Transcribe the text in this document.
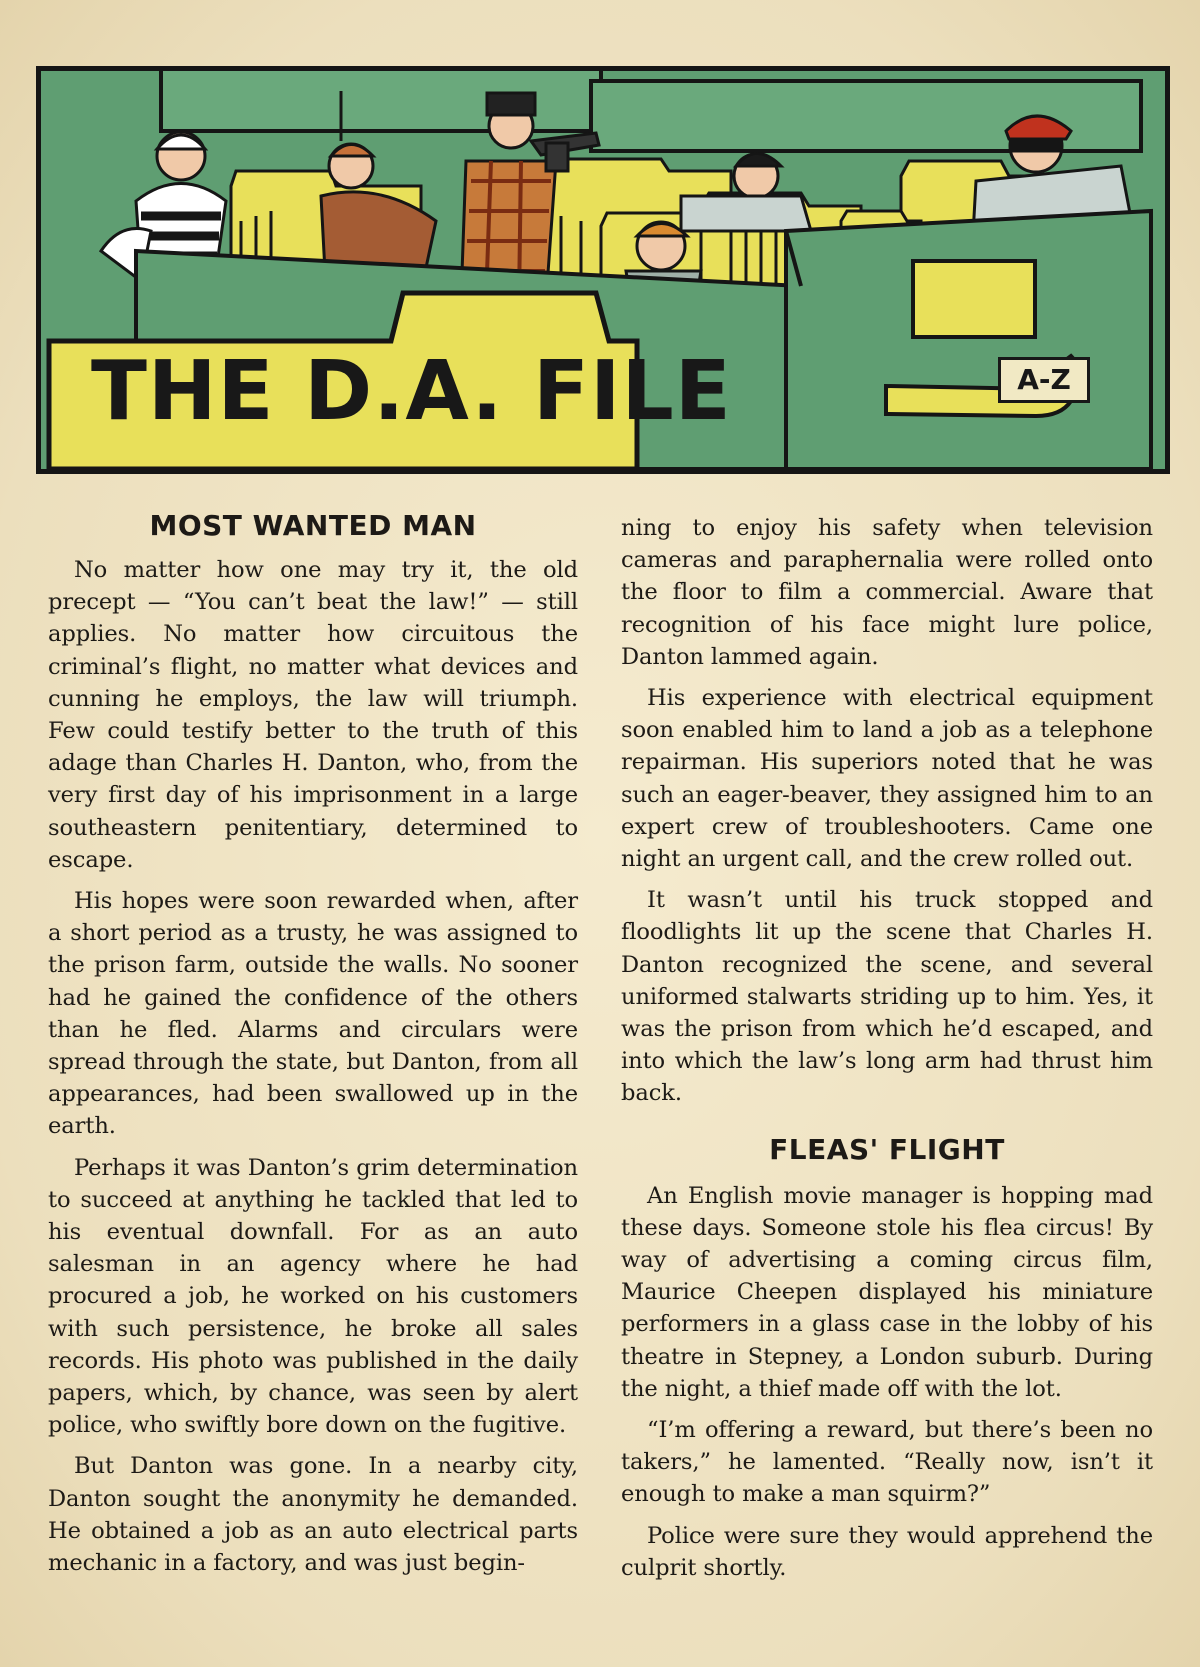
THE D.A. FILE	A-Z
MOST WANTED MAN

No matter how one may try it, the old precept — “You can’t beat the law!” — still applies. No matter how circuitous the criminal’s flight, no matter what devices and cunning he employs, the law will triumph. Few could testify better to the truth of this adage than Charles H. Danton, who, from the very first day of his imprisonment in a large southeastern penitentiary, determined to escape.

His hopes were soon rewarded when, after a short period as a trusty, he was assigned to the prison farm, outside the walls. No sooner had he gained the confidence of the others than he fled. Alarms and circulars were spread through the state, but Danton, from all appearances, had been swallowed up in the earth.

Perhaps it was Danton’s grim determination to succeed at anything he tackled that led to his eventual downfall. For as an auto salesman in an agency where he had procured a job, he worked on his customers with such persistence, he broke all sales records. His photo was published in the daily papers, which, by chance, was seen by alert police, who swiftly bore down on the fugitive.

But Danton was gone. In a nearby city, Danton sought the anonymity he demanded. He obtained a job as an auto electrical parts mechanic in a factory, and was just begin-

ning to enjoy his safety when television cameras and paraphernalia were rolled onto the floor to film a commercial. Aware that recognition of his face might lure police, Danton lammed again.

His experience with electrical equipment soon enabled him to land a job as a telephone repairman. His superiors noted that he was such an eager-beaver, they assigned him to an expert crew of troubleshooters. Came one night an urgent call, and the crew rolled out.

It wasn’t until his truck stopped and floodlights lit up the scene that Charles H. Danton recognized the scene, and several uniformed stalwarts striding up to him. Yes, it was the prison from which he’d escaped, and into which the law’s long arm had thrust him back.

FLEAS' FLIGHT

An English movie manager is hopping mad these days. Someone stole his flea circus! By way of advertising a coming circus film, Maurice Cheepen displayed his miniature performers in a glass case in the lobby of his theatre in Stepney, a London suburb. During the night, a thief made off with the lot.

“I’m offering a reward, but there’s been no takers,” he lamented. “Really now, isn’t it enough to make a man squirm?”

Police were sure they would apprehend the culprit shortly.
